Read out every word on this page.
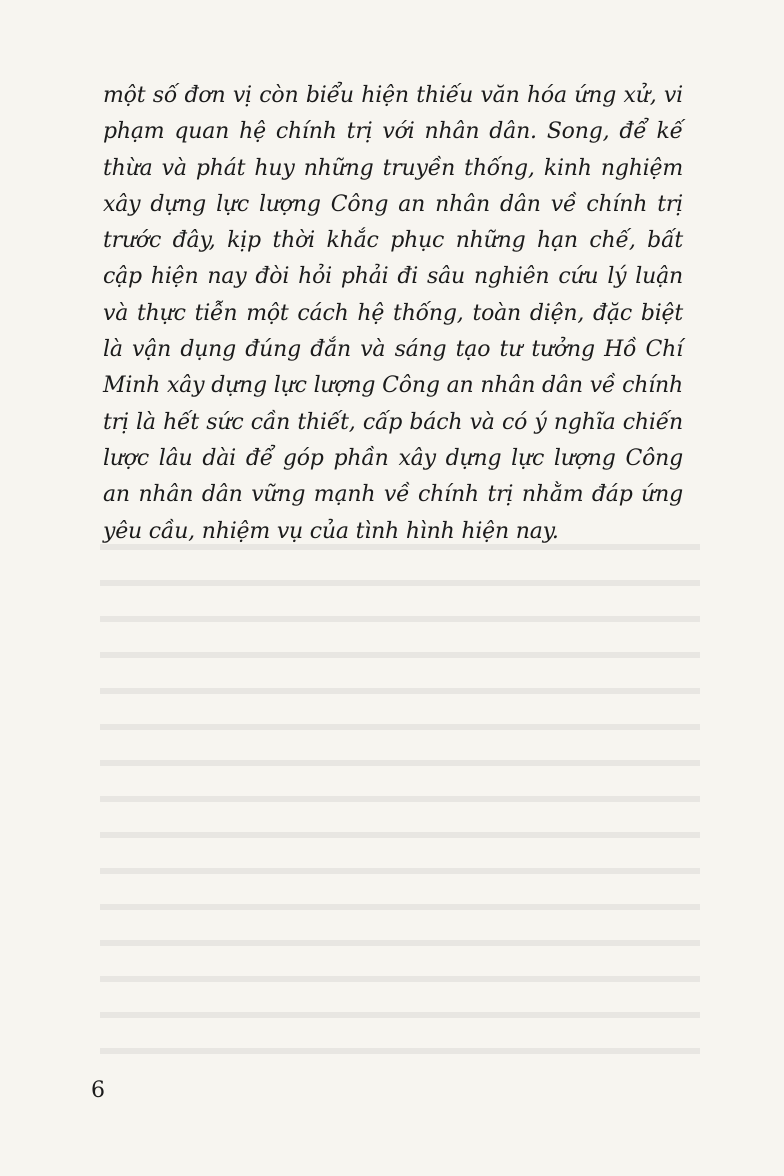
một số đơn vị còn biểu hiện thiếu văn hóa ứng xử, vi phạm quan hệ chính trị với nhân dân. Song, để kế thừa và phát huy những truyền thống, kinh nghiệm xây dựng lực lượng Công an nhân dân về chính trị trước đây, kịp thời khắc phục những hạn chế, bất cập hiện nay đòi hỏi phải đi sâu nghiên cứu lý luận và thực tiễn một cách hệ thống, toàn diện, đặc biệt là vận dụng đúng đắn và sáng tạo tư tưởng Hồ Chí Minh xây dựng lực lượng Công an nhân dân về chính trị là hết sức cần thiết, cấp bách và có ý nghĩa chiến lược lâu dài để góp phần xây dựng lực lượng Công an nhân dân vững mạnh về chính trị nhằm đáp ứng yêu cầu, nhiệm vụ của tình hình hiện nay.

6
